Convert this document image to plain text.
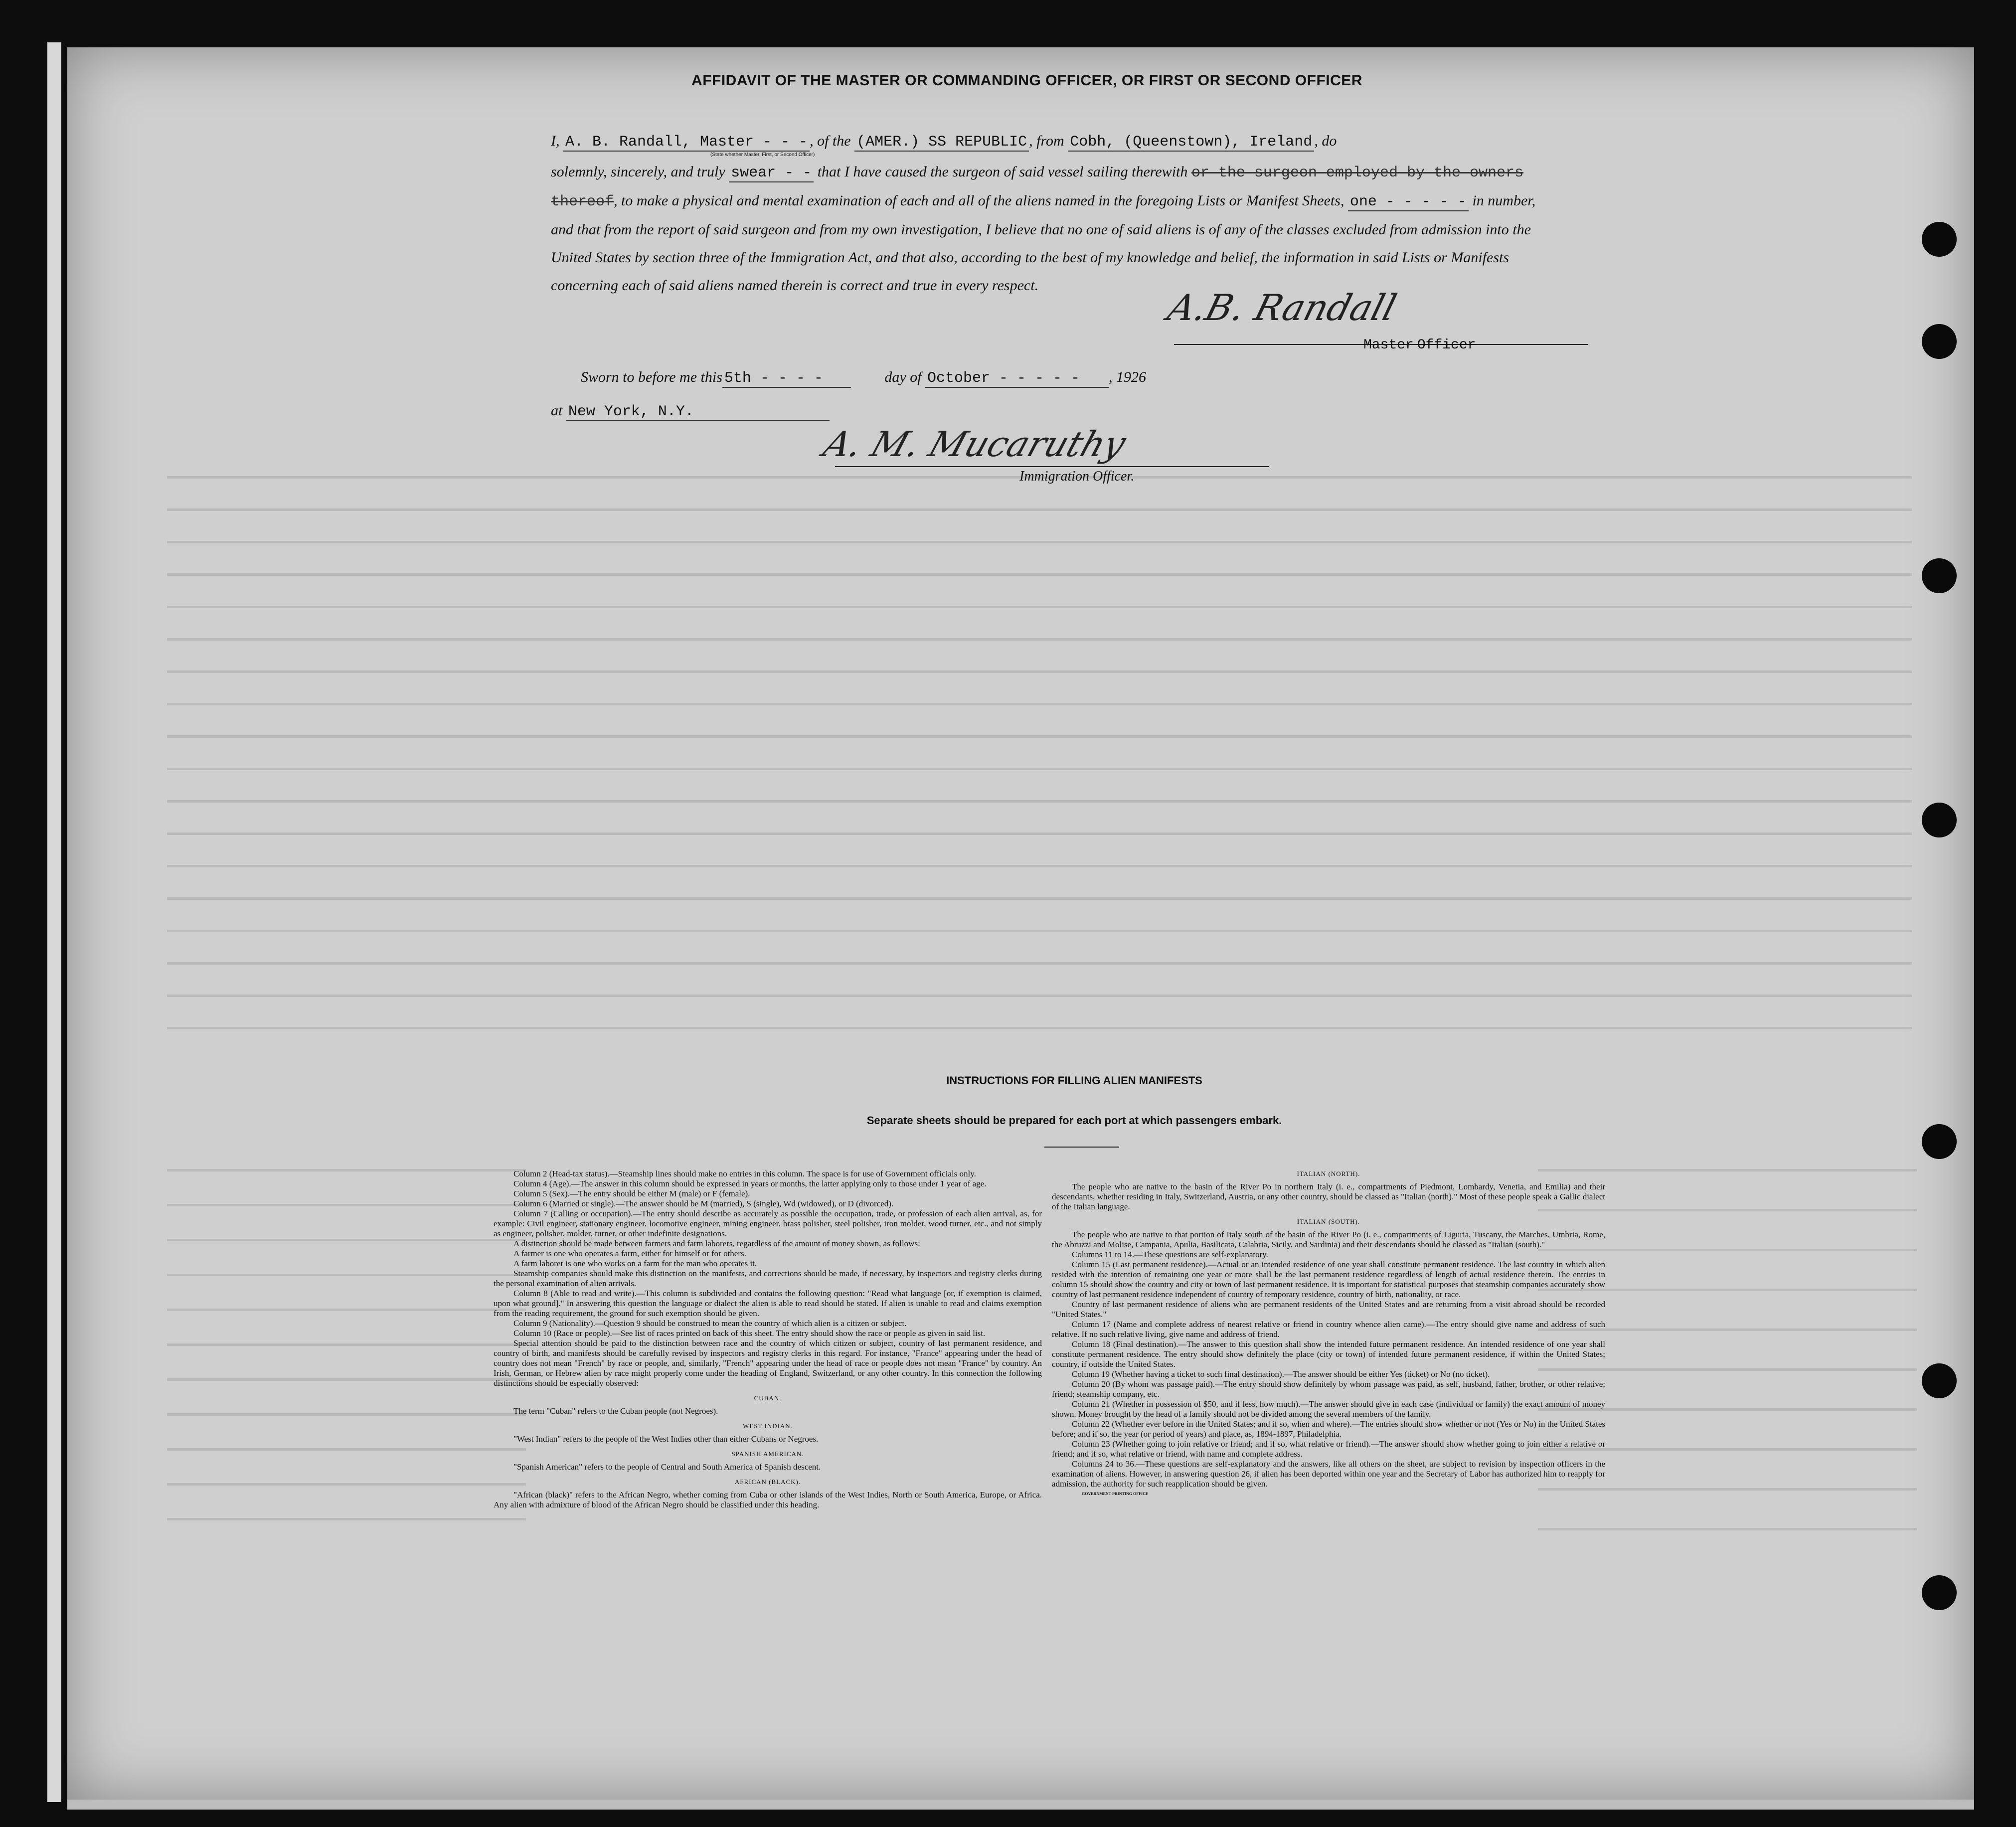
AFFIDAVIT OF THE MASTER OR COMMANDING OFFICER, OR FIRST OR SECOND OFFICER
I, A. B. Randall, Master - - - , of the (AMER.) SS REPUBLIC , from Cobh, (Queenstown), Ireland , do
(State whether Master, First, or Second Officer)
solemnly, sincerely, and truly swear - - that I have caused the surgeon of said vessel sailing therewith or the surgeon employed by the owners thereof, to make a physical and mental examination of each and all of the aliens named in the foregoing Lists or Manifest Sheets, one - - - - - in number, and that from the report of said surgeon and from my own investigation, I believe that no one of said aliens is of any of the classes excluded from admission into the United States by section three of the Immigration Act, and that also, according to the best of my knowledge and belief, the information in said Lists or Manifests concerning each of said aliens named therein is correct and true in every respect.
A.B. Randall
Master Officer
Sworn to before me this 5th - - - -	day of October - - - - - , 1926
at New York, N.Y.
A. M. Mucaruthy
Immigration Officer.
INSTRUCTIONS FOR FILLING ALIEN MANIFESTS
Separate sheets should be prepared for each port at which passengers embark.

Column 2 (Head-tax status).—Steamship lines should make no entries in this column. The space is for use of Government officials only.

Column 4 (Age).—The answer in this column should be expressed in years or months, the latter applying only to those under 1 year of age.

Column 5 (Sex).—The entry should be either M (male) or F (female).

Column 6 (Married or single).—The answer should be M (married), S (single), Wd (widowed), or D (divorced).

Column 7 (Calling or occupation).—The entry should describe as accurately as possible the occupation, trade, or profession of each alien arrival, as, for example: Civil engineer, stationary engineer, locomotive engineer, mining engineer, brass polisher, steel polisher, iron molder, wood turner, etc., and not simply as engineer, polisher, molder, turner, or other indefinite designations.

A distinction should be made between farmers and farm laborers, regardless of the amount of money shown, as follows:

A farmer is one who operates a farm, either for himself or for others.

A farm laborer is one who works on a farm for the man who operates it.

Steamship companies should make this distinction on the manifests, and corrections should be made, if necessary, by inspectors and registry clerks during the personal examination of alien arrivals.

Column 8 (Able to read and write).—This column is subdivided and contains the following question: "Read what language [or, if exemption is claimed, upon what ground]." In answering this question the language or dialect the alien is able to read should be stated. If alien is unable to read and claims exemption from the reading requirement, the ground for such exemption should be given.

Column 9 (Nationality).—Question 9 should be construed to mean the country of which alien is a citizen or subject.

Column 10 (Race or people).—See list of races printed on back of this sheet. The entry should show the race or people as given in said list.

Special attention should be paid to the distinction between race and the country of which citizen or subject, country of last permanent residence, and country of birth, and manifests should be carefully revised by inspectors and registry clerks in this regard. For instance, "France" appearing under the head of country does not mean "French" by race or people, and, similarly, "French" appearing under the head of race or people does not mean "France" by country. An Irish, German, or Hebrew alien by race might properly come under the heading of England, Switzerland, or any other country. In this connection the following distinctions should be especially observed:

CUBAN.

The term "Cuban" refers to the Cuban people (not Negroes).

WEST INDIAN.

"West Indian" refers to the people of the West Indies other than either Cubans or Negroes.

SPANISH AMERICAN.

"Spanish American" refers to the people of Central and South America of Spanish descent.

AFRICAN (BLACK).

"African (black)" refers to the African Negro, whether coming from Cuba or other islands of the West Indies, North or South America, Europe, or Africa. Any alien with admixture of blood of the African Negro should be classified under this heading.

ITALIAN (NORTH).

The people who are native to the basin of the River Po in northern Italy (i. e., compartments of Piedmont, Lombardy, Venetia, and Emilia) and their descendants, whether residing in Italy, Switzerland, Austria, or any other country, should be classed as "Italian (north)." Most of these people speak a Gallic dialect of the Italian language.

ITALIAN (SOUTH).

The people who are native to that portion of Italy south of the basin of the River Po (i. e., compartments of Liguria, Tuscany, the Marches, Umbria, Rome, the Abruzzi and Molise, Campania, Apulia, Basilicata, Calabria, Sicily, and Sardinia) and their descendants should be classed as "Italian (south)."

Columns 11 to 14.—These questions are self-explanatory.

Column 15 (Last permanent residence).—Actual or an intended residence of one year shall constitute permanent residence. The last country in which alien resided with the intention of remaining one year or more shall be the last permanent residence regardless of length of actual residence therein. The entries in column 15 should show the country and city or town of last permanent residence. It is important for statistical purposes that steamship companies accurately show country of last permanent residence independent of country of temporary residence, country of birth, nationality, or race.

Country of last permanent residence of aliens who are permanent residents of the United States and are returning from a visit abroad should be recorded "United States."

Column 17 (Name and complete address of nearest relative or friend in country whence alien came).—The entry should give name and address of such relative. If no such relative living, give name and address of friend.

Column 18 (Final destination).—The answer to this question shall show the intended future permanent residence. An intended residence of one year shall constitute permanent residence. The entry should show definitely the place (city or town) of intended future permanent residence, if within the United States; country, if outside the United States.

Column 19 (Whether having a ticket to such final destination).—The answer should be either Yes (ticket) or No (no ticket).

Column 20 (By whom was passage paid).—The entry should show definitely by whom passage was paid, as self, husband, father, brother, or other relative; friend; steamship company, etc.

Column 21 (Whether in possession of $50, and if less, how much).—The answer should give in each case (individual or family) the exact amount of money shown. Money brought by the head of a family should not be divided among the several members of the family.

Column 22 (Whether ever before in the United States; and if so, when and where).—The entries should show whether or not (Yes or No) in the United States before; and if so, the year (or period of years) and place, as, 1894-1897, Philadelphia.

Column 23 (Whether going to join relative or friend; and if so, what relative or friend).—The answer should show whether going to join either a relative or friend; and if so, what relative or friend, with name and complete address.

Columns 24 to 36.—These questions are self-explanatory and the answers, like all others on the sheet, are subject to revision by inspection officers in the examination of aliens. However, in answering question 26, if alien has been deported within one year and the Secretary of Labor has authorized him to reapply for admission, the authority for such reapplication should be given.

GOVERNMENT PRINTING OFFICE
